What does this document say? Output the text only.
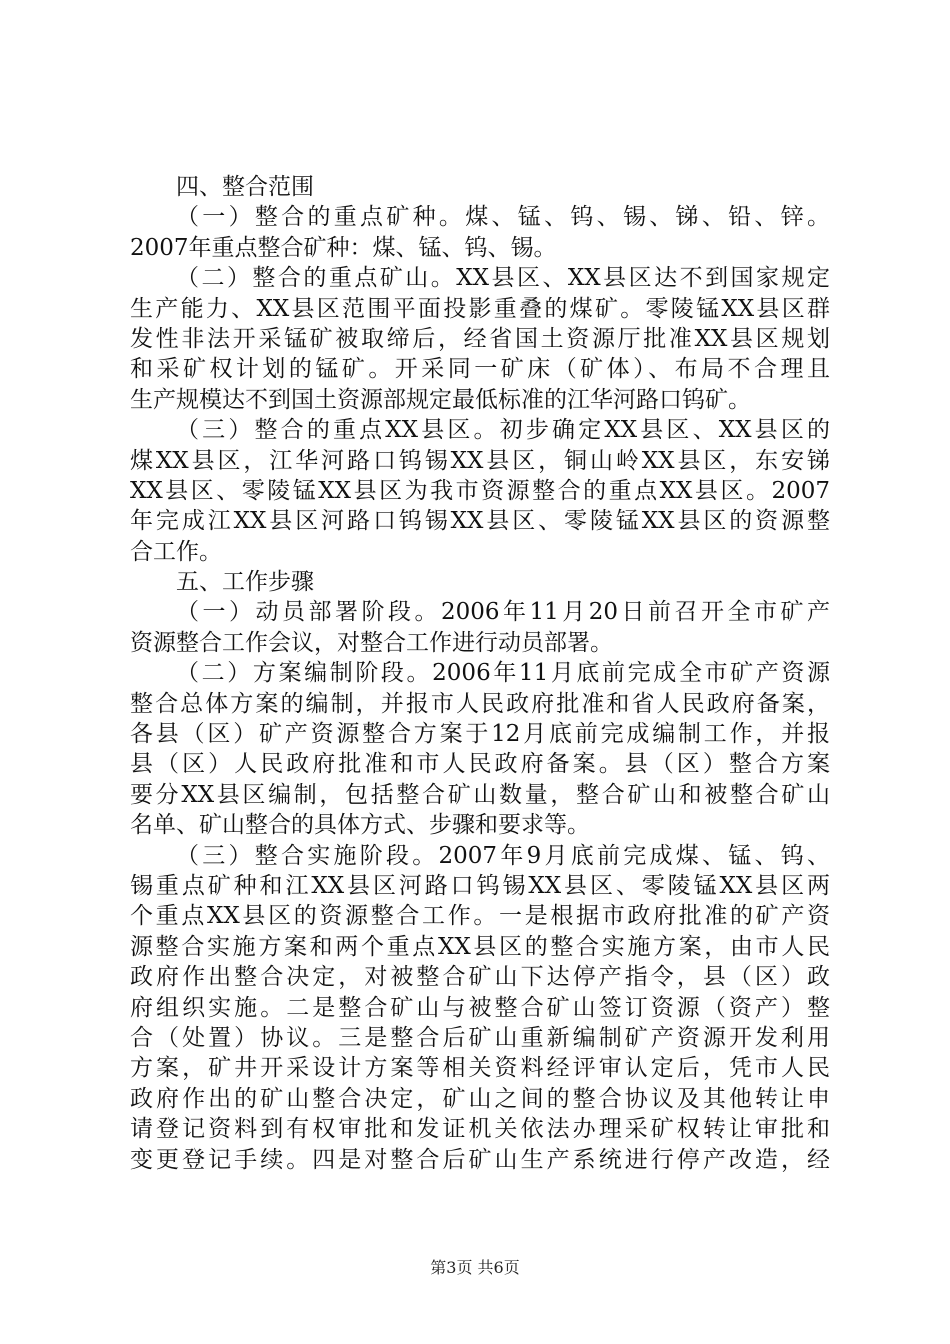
四、整合范围
（一）整合的重点矿种。煤、锰、钨、锡、锑、铅、锌。
2007年重点整合矿种：煤、锰、钨、锡。
（二）整合的重点矿山。XX县区、XX县区达不到国家规定
生产能力、XX县区范围平面投影重叠的煤矿。零陵锰XX县区群
发性非法开采锰矿被取缔后，经省国土资源厅批准XX县区规划
和采矿权计划的锰矿。开采同一矿床（矿体）、布局不合理且
生产规模达不到国土资源部规定最低标准的江华河路口钨矿。
（三）整合的重点XX县区。初步确定XX县区、XX县区的
煤XX县区，江华河路口钨锡XX县区，铜山岭XX县区，东安锑
XX县区、零陵锰XX县区为我市资源整合的重点XX县区。2007
年完成江XX县区河路口钨锡XX县区、零陵锰XX县区的资源整
合工作。
五、工作步骤
（一）动员部署阶段。2006年11月20日前召开全市矿产
资源整合工作会议，对整合工作进行动员部署。
（二）方案编制阶段。2006年11月底前完成全市矿产资源
整合总体方案的编制，并报市人民政府批准和省人民政府备案，
各县（区）矿产资源整合方案于12月底前完成编制工作，并报
县（区）人民政府批准和市人民政府备案。县（区）整合方案
要分XX县区编制，包括整合矿山数量，整合矿山和被整合矿山
名单、矿山整合的具体方式、步骤和要求等。
（三）整合实施阶段。2007年9月底前完成煤、锰、钨、
锡重点矿种和江XX县区河路口钨锡XX县区、零陵锰XX县区两
个重点XX县区的资源整合工作。一是根据市政府批准的矿产资
源整合实施方案和两个重点XX县区的整合实施方案，由市人民
政府作出整合决定，对被整合矿山下达停产指令，县（区）政
府组织实施。二是整合矿山与被整合矿山签订资源（资产）整
合（处置）协议。三是整合后矿山重新编制矿产资源开发利用
方案，矿井开采设计方案等相关资料经评审认定后，凭市人民
政府作出的矿山整合决定，矿山之间的整合协议及其他转让申
请登记资料到有权审批和发证机关依法办理采矿权转让审批和
变更登记手续。四是对整合后矿山生产系统进行停产改造，经
第3页 共6页
